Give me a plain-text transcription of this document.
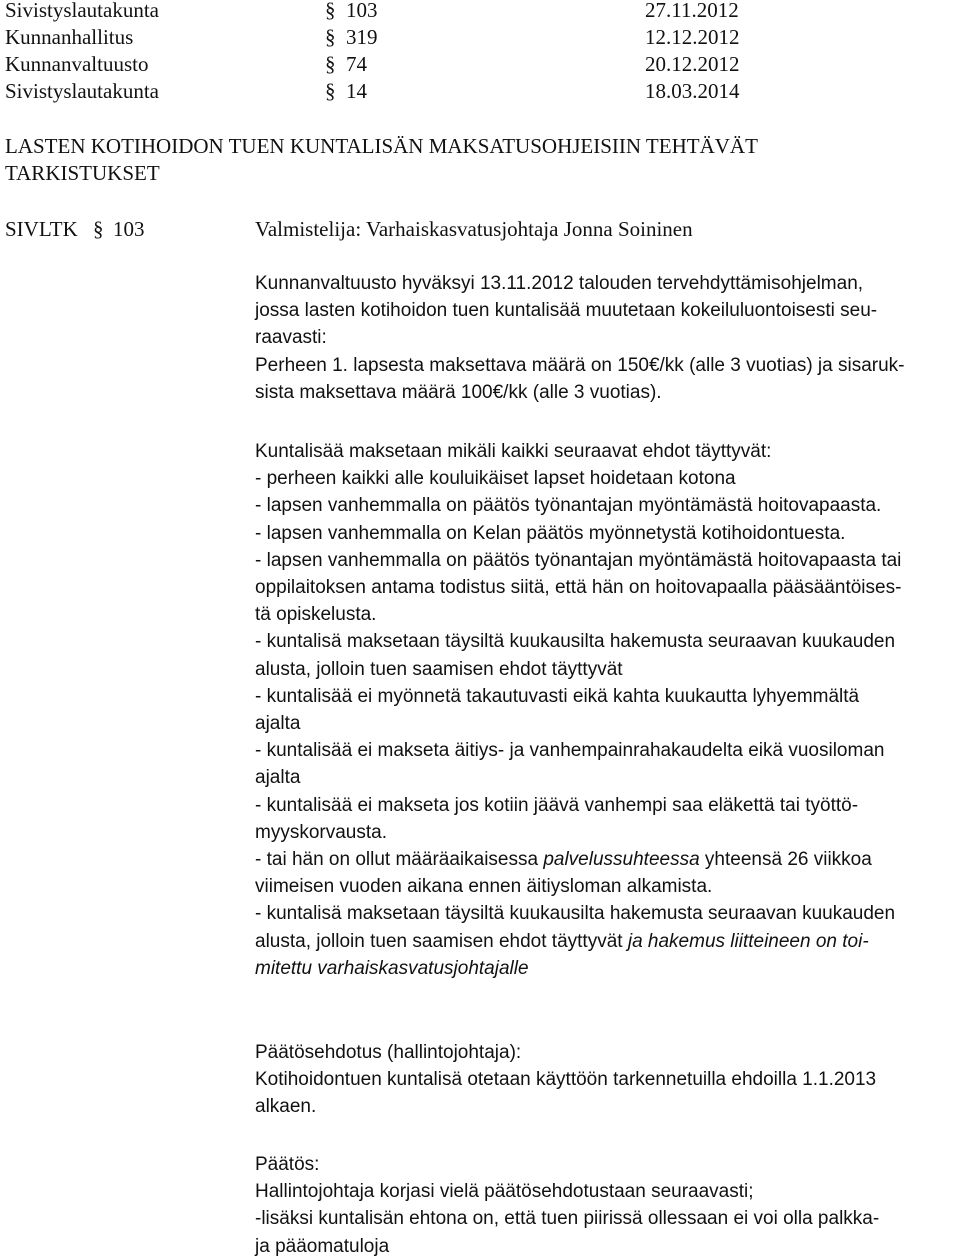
Sivistyslautakunta	§ 103	27.11.2012
Kunnanhallitus	§ 319	12.12.2012
Kunnanvaltuusto	§ 74	20.12.2012
Sivistyslautakunta	§ 14	18.03.2014
LASTEN KOTIHOIDON TUEN KUNTALISÄN MAKSATUSOHJEISIIN TEHTÄVÄT
TARKISTUKSET
SIVLTK § 103	Valmistelija: Varhaiskasvatusjohtaja Jonna Soininen
Kunnanvaltuusto hyväksyi 13.11.2012 talouden tervehdyttämisohjelman,
jossa lasten kotihoidon tuen kuntalisää muutetaan kokeiluluontoisesti seu-
raavasti:
Perheen 1. lapsesta maksettava määrä on 150€/kk (alle 3 vuotias) ja sisaruk-
sista maksettava määrä 100€/kk (alle 3 vuotias).
Kuntalisää maksetaan mikäli kaikki seuraavat ehdot täyttyvät:
- perheen kaikki alle kouluikäiset lapset hoidetaan kotona
- lapsen vanhemmalla on päätös työnantajan myöntämästä hoitovapaasta.
- lapsen vanhemmalla on Kelan päätös myönnetystä kotihoidontuesta.
- lapsen vanhemmalla on päätös työnantajan myöntämästä hoitovapaasta tai
oppilaitoksen antama todistus siitä, että hän on hoitovapaalla pääsääntöises-
tä opiskelusta.
- kuntalisä maksetaan täysiltä kuukausilta hakemusta seuraavan kuukauden
alusta, jolloin tuen saamisen ehdot täyttyvät
- kuntalisää ei myönnetä takautuvasti eikä kahta kuukautta lyhyemmältä
ajalta
- kuntalisää ei makseta äitiys- ja vanhempainrahakaudelta eikä vuosiloman
ajalta
- kuntalisää ei makseta jos kotiin jäävä vanhempi saa eläkettä tai työttö-
myyskorvausta.
- tai hän on ollut määräaikaisessa palvelussuhteessa yhteensä 26 viikkoa
viimeisen vuoden aikana ennen äitiysloman alkamista.
- kuntalisä maksetaan täysiltä kuukausilta hakemusta seuraavan kuukauden
alusta, jolloin tuen saamisen ehdot täyttyvät ja hakemus liitteineen on toi-
mitettu varhaiskasvatusjohtajalle
Päätösehdotus (hallintojohtaja):
Kotihoidontuen kuntalisä otetaan käyttöön tarkennetuilla ehdoilla 1.1.2013
alkaen.
Päätös:
Hallintojohtaja korjasi vielä päätösehdotustaan seuraavasti;
-lisäksi kuntalisän ehtona on, että tuen piirissä ollessaan ei voi olla palkka-
ja pääomatuloja
